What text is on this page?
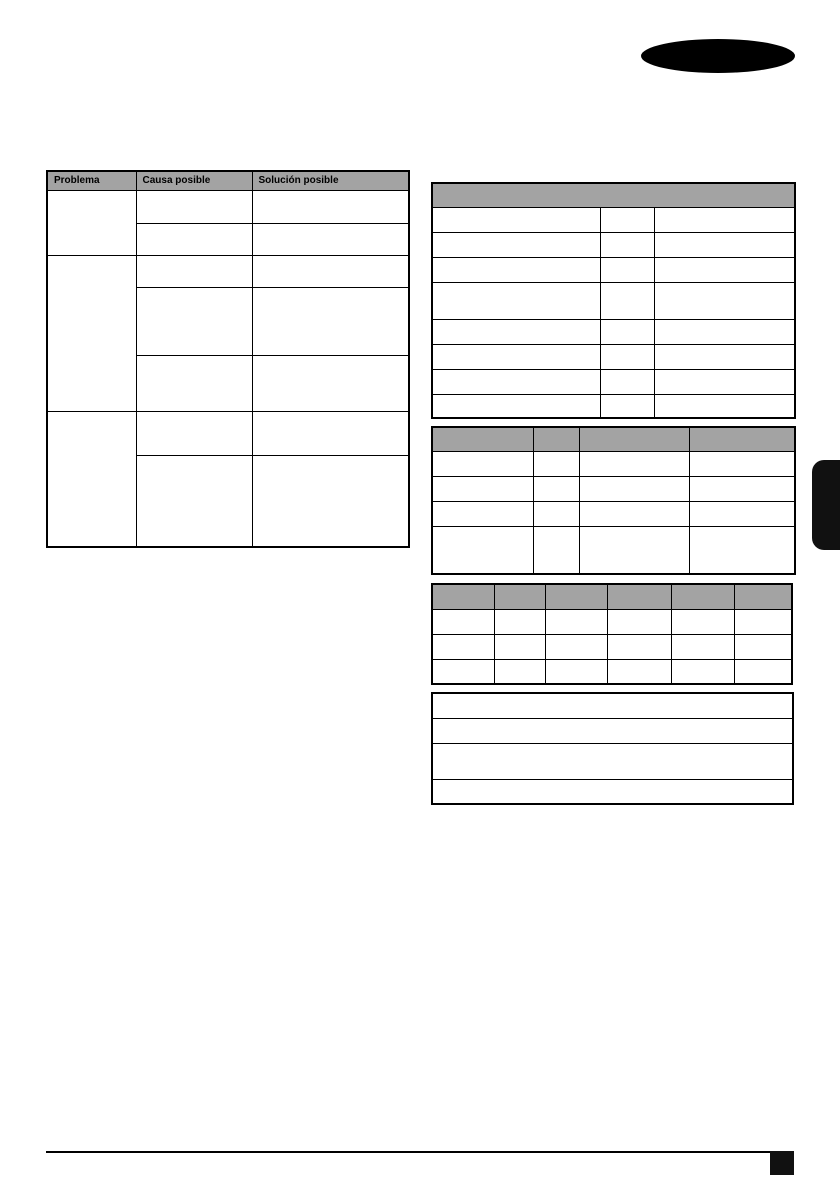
Problema	Causa posible	Solución posible
